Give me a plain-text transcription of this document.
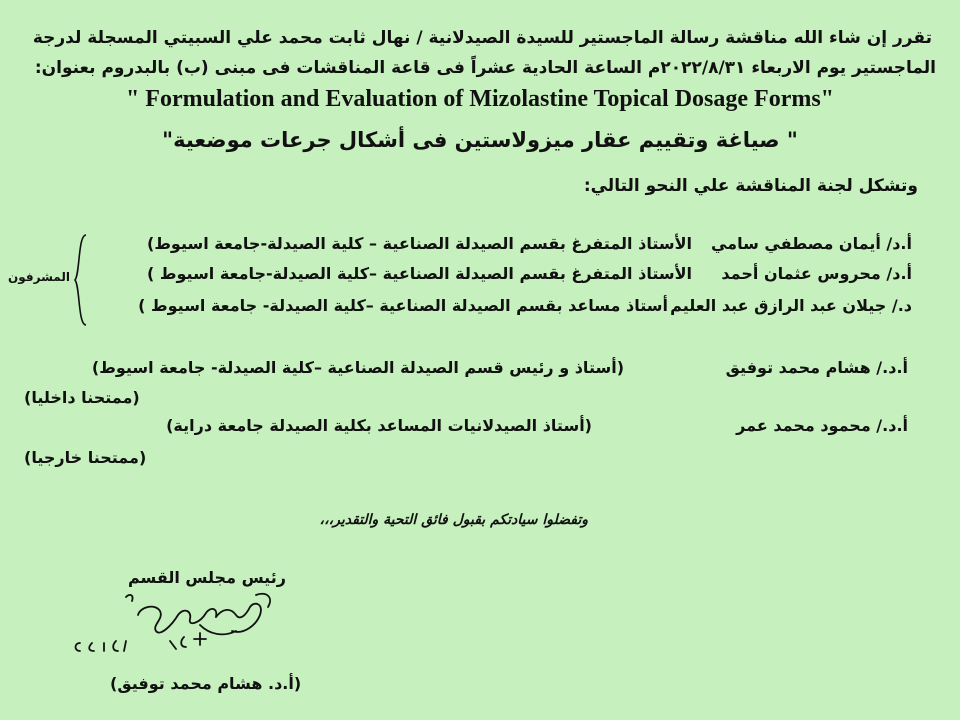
تقرر إن شاء الله مناقشة رسالة الماجستير للسيدة الصيدلانية / نهال ثابت محمد علي السبيتي المسجلة لدرجة
الماجستير يوم الاربعاء ٢٠٢٢/٨/٣١م الساعة الحادية عشراً فى قاعة المناقشات فى مبنى (ب) بالبدروم بعنوان:
" Formulation and Evaluation of Mizolastine Topical Dosage Forms"
" صياغة وتقييم عقار ميزولاستين فى أشكال جرعات موضعية"
وتشكل لجنة المناقشة علي النحو التالي:
أ.د/ أيمان مصطفي سامي
الأستاذ المتفرغ بقسم الصيدلة الصناعية – كلية الصيدلة-جامعة اسيوط)
أ.د/ محروس عثمان أحمد
الأستاذ المتفرغ بقسم الصيدلة الصناعية –كلية الصيدلة-جامعة اسيوط )
د./ جيلان عبد الرازق عبد العليم
أستاذ مساعد بقسم الصيدلة الصناعية –كلية الصيدلة- جامعة اسيوط )
المشرفون
أ.د./ هشام محمد توفيق
(أستاذ و رئيس قسم الصيدلة الصناعية –كلية الصيدلة- جامعة اسيوط)
(ممتحنا داخليا)
أ.د./ محمود محمد عمر
(أستاذ الصيدلانيات المساعد بكلية الصيدلة جامعة دراية)
(ممتحنا خارجيا)
وتفضلوا سيادتكم بقبول فائق التحية والتقدير،،،
رئيس مجلس القسم
(أ.د. هشام محمد توفيق)
